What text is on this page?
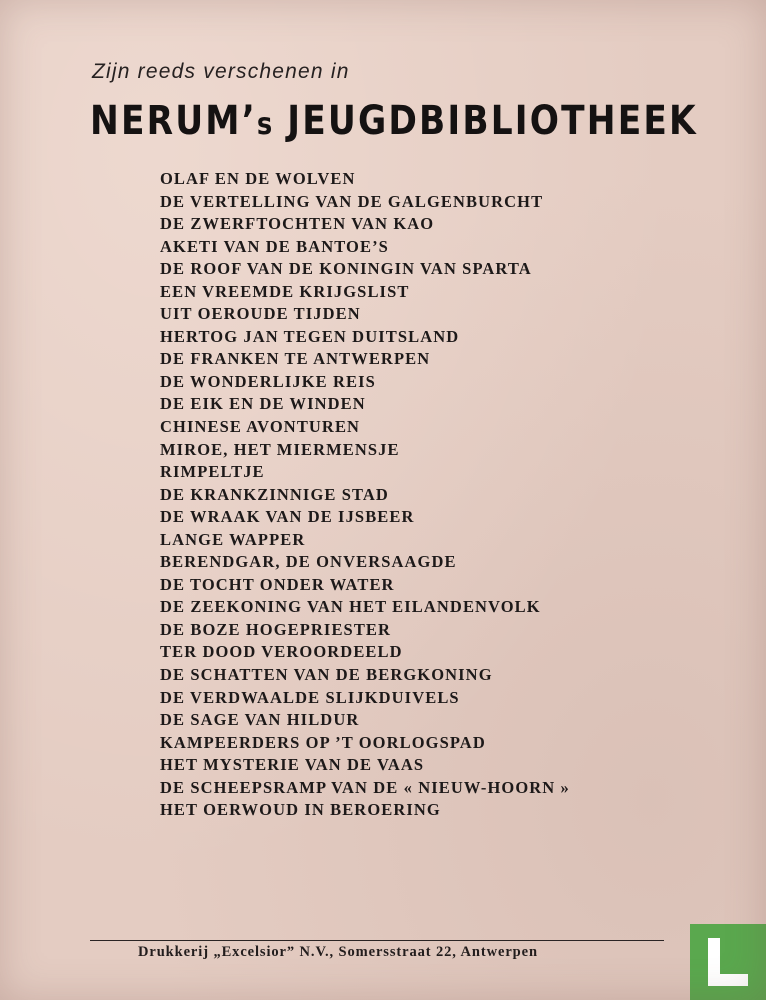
Zijn reeds verschenen in
NERUM’s JEUGDBIBLIOTHEEK
OLAF EN DE WOLVEN
DE VERTELLING VAN DE GALGENBURCHT
DE ZWERFTOCHTEN VAN KAO
AKETI VAN DE BANTOE’S
DE ROOF VAN DE KONINGIN VAN SPARTA
EEN VREEMDE KRIJGSLIST
UIT OEROUDE TIJDEN
HERTOG JAN TEGEN DUITSLAND
DE FRANKEN TE ANTWERPEN
DE WONDERLIJKE REIS
DE EIK EN DE WINDEN
CHINESE AVONTUREN
MIROE, HET MIERMENSJE
RIMPELTJE
DE KRANKZINNIGE STAD
DE WRAAK VAN DE IJSBEER
LANGE WAPPER
BERENDGAR, DE ONVERSAAGDE
DE TOCHT ONDER WATER
DE ZEEKONING VAN HET EILANDENVOLK
DE BOZE HOGEPRIESTER
TER DOOD VEROORDEELD
DE SCHATTEN VAN DE BERGKONING
DE VERDWAALDE SLIJKDUIVELS
DE SAGE VAN HILDUR
KAMPEERDERS OP ’T OORLOGSPAD
HET MYSTERIE VAN DE VAAS
DE SCHEEPSRAMP VAN DE « NIEUW-HOORN »
HET OERWOUD IN BEROERING
Drukkerij „Excelsior” N.V., Somersstraat 22, Antwerpen
